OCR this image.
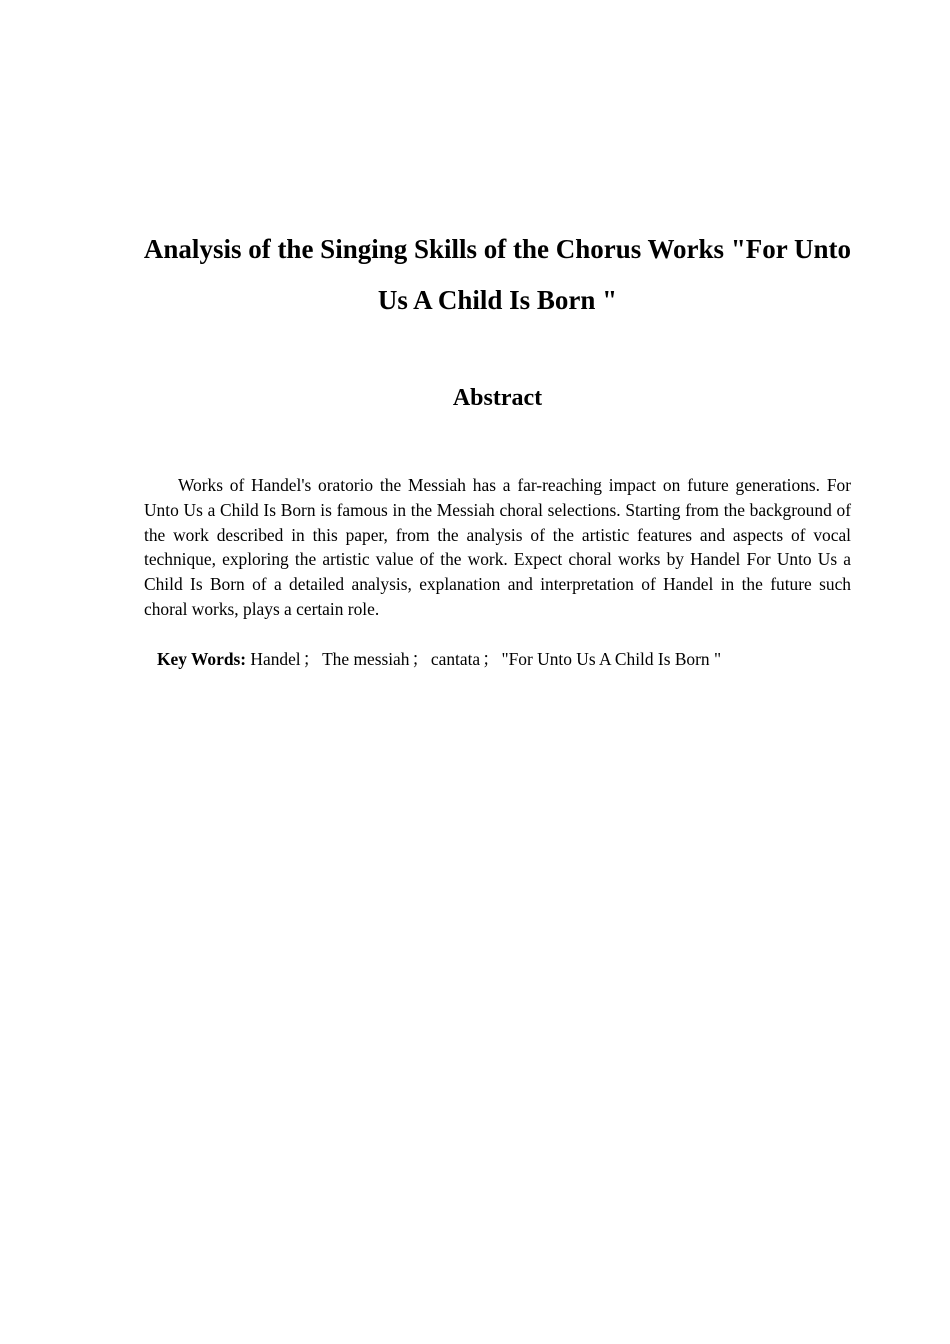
Analysis of the Singing Skills of the Chorus Works "For Unto Us A Child Is Born "
Abstract

Works of Handel's oratorio the Messiah has a far-reaching impact on future generations. For Unto Us a Child Is Born is famous in the Messiah choral selections. Starting from the background of the work described in this paper, from the analysis of the artistic features and aspects of vocal technique, exploring the artistic value of the work. Expect choral works by Handel For Unto Us a Child Is Born of a detailed analysis, explanation and interpretation of Handel in the future such choral works, plays a certain role.

Key Words: Handel ； The messiah ； cantata ； "For Unto Us A Child Is Born "
